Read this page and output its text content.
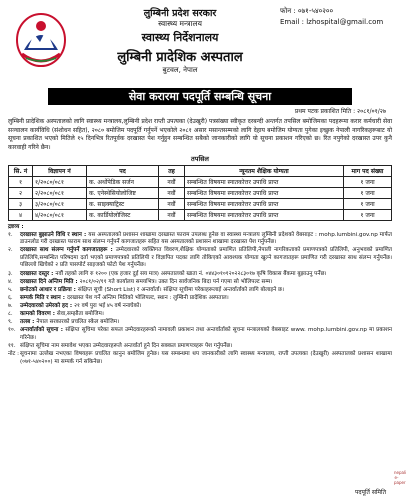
लुम्बिनी प्रदेश सरकार
स्वास्थ्य मन्त्रालय
स्वास्थ्य निर्देशनालय
लुम्बिनी प्रादेशिक अस्पताल
बुटवल, नेपाल
फोन : ०७१-५४०२००
Email : lzhospital@gmail.com
सेवा करारमा पदपूर्ति सम्बन्धि सूचना
प्रथम पटक प्रकाशित मिति : २०८१/०१/२७

लुम्बिनी प्रादेशिक अस्पतालको लागि स्वास्थ्य मन्त्रालय,लुम्बिनी प्रदेश राप्ती उपत्यका (देउखुरी) पत्रसंख्या स्वीकृत दरबन्दी अन्तर्गत तपसिल बमोजिमका पदहरूमा करार कर्मचारी सेवा सञ्चालन कार्यविधि (संशोधन सहित), २०८० बमोजिम पदपूर्ति गर्नुपर्ने भएकोले २०८१ असार मसान्तसम्मको लागि देहाय बमोजिम योग्यता पुगेका इच्छुक नेपाली नागरिकहरूबाट यो सूचना प्रकाशित भएको मितिले १५ दिनभित्र रितपूर्वक दरखास्त पेश गर्नुहुन सम्बन्धित सबैको जानकारीको लागि यो सूचना प्रकाशन गरिएको छ। रित नपुगेको दरखास्त उपर कुनै कारवाही गरिने छैन।

तपसिल
सि. नं	विज्ञापन नं	पद	तह	न्यूनतम शैक्षिक योग्यता	माग पद संख्या
१	१/२०८०/०८१	क. अर्थोपेडिक सर्जन	नवौं	सम्बन्धित विषयमा स्नातकोत्तर उपाधि प्राप्त	१ जना
२	२/२०८०/०८१	क. एनेस्थेसियोलोजिष्ट	नवौं	सम्बन्धित विषयमा स्नातकोत्तर उपाधि प्राप्त	१ जना
३	३/२०८०/०८१	क. साइक्याट्रिस्ट	नवौं	सम्बन्धित विषयमा स्नातकोत्तर उपाधि प्राप्त	१ जना
४	४/२०८०/०८१	क. कार्डियोलोजिस्ट	नवौं	सम्बन्धित विषयमा स्नातकोत्तर उपाधि प्राप्त	१ जना
द्रष्टव्य :
१.	दरखास्त बुझाउने विधि र स्थान : यस अस्पतालको प्रशासन शाखामा दरखास्त फाराम उपलब्ध हुनेछ वा स्वास्थ्य मन्त्रालय लुम्बिनी प्रदेशको वेबसाइट : mohp.lumbini.gov.np मार्फत डाउनलोड गरी दरखास्त फाराम साथ संलग्न गर्नुपर्ने कागजातहरू सहित यस अस्पतालको प्रशासन शाखामा दरखास्त पेश गर्नुपर्नेछ।
२.	दरखास्त साथ संलग्न गर्नुपर्ने कागजातहरू : उम्मेदवारको व्यक्तिगत विवरण,शैक्षिक योग्यताको प्रमाणित प्रतिलिपी,नेपाली नागरिकताको प्रमाणपत्रको प्रतिलिपी, अनुभवको प्रमाणित प्रतिलिपि,सम्बन्धित परिषदमा दर्ता भएको प्रमाणपत्रको प्रतिलिपी र विज्ञापित पदका लागि तोकिएको आवश्यक योग्यता खुल्ने कागजातहरू प्रमाणित गरी दरखास्त साथ संलग्न गर्नुपर्नेछ। पछिल्लो खिचेको २ प्रति पासपोर्ट साइजको फोटो पेश गर्नुपर्नेछ।
३.	दरखास्त दस्तुर : नवौं तहको लागि रु १२०० (एक हजार दुई सय मात्र) अस्पतालको खाता नं. ०४४३०१०१२०२२८३०१७ कृषि विकास बैंकमा बुझाउनु पर्नेछ।
४.	दरखास्त दिने अन्तिम मिति : २०८१/०२/११ गते कार्यालय समयभित्र। उक्त दिन सार्वजनिक बिदा पर्न गएमा सो भोलिपल्ट सम्म।
५.	छनोटको आधार र प्रक्रिया : संक्षिप्त सूची (Short List) र अन्तर्वार्ता। संक्षिप्त सूचीमा परेकाहरूलाई अन्तर्वार्ताको लागि बोलाइने छ।
६.	सम्पर्क मिति र स्थान : दरखास्त पेश गर्ने अन्तिम मितिको भोलिपल्ट, स्थान : लुम्बिनी प्रादेशिक अस्पताल।
७.	उम्मेदवारको उमेरको हद : २१ वर्ष पुरा भई ४५ वर्ष ननाघेको।
८.	कामको विवरण : सेवा,सम्झौता बमोजिम।
९.	तलब : नेपाल सरकारको प्रचलित स्केल बमोजिम।
१०. अन्तर्वार्ताको सूचना : संक्षिप्त सूचिमा परेका सफल उम्मेदवारहरूको नामावली प्रकाशन तथा अन्तर्वार्ताको सूचना मन्त्रालयको वेबसाइट www. mohp.lumbini.gov.np मा प्रकाशन गरिनेछ।
११. संक्षिप्त सूचिमा नाम समावेश भएका उम्मेदवारहरूले अन्तर्वार्ता हुने दिन सक्कल प्रमाणपत्रहरू पेश गर्नुपर्नेछ।
नोट : सूचनामा उल्लेख नभएका विषयहरू प्रचलित कानुन बमोजिम हुनेछ। यस सम्बन्धमा थप जानकारीको लागि स्वास्थ्य मन्त्रालय, राप्ती उपत्यका (देउखुरी) अस्पतालको प्रशासन शाखामा (०७१-५४०२००) मा सम्पर्क गर्न सकिनेछ।
पदपूर्ति समिति
nepali e-paper
